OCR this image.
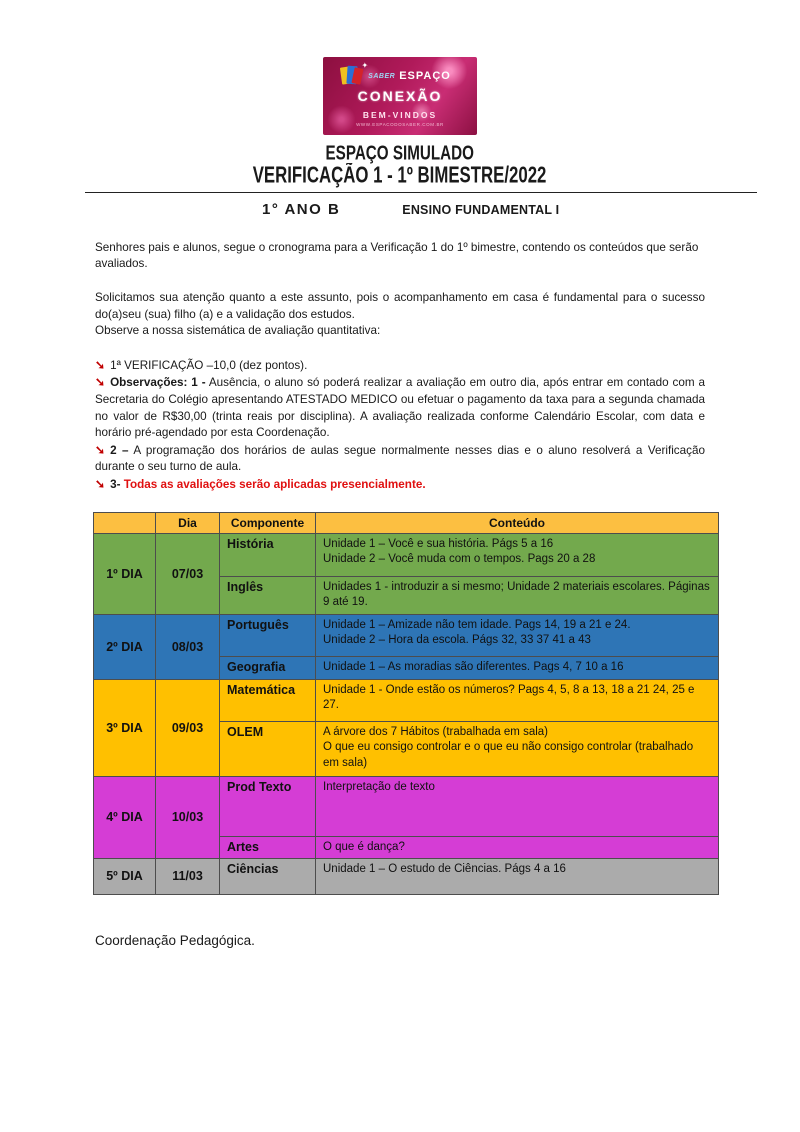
✦
SABER ESPAÇO
CONEXÃO
BEM-VINDOS
WWW.ESPACODOSABER.COM.BR
ESPAÇO SIMULADO
VERIFICAÇÃO 1 - 1º BIMESTRE/2022
1° ANO B	ENSINO FUNDAMENTAL I

Senhores pais e alunos, segue o cronograma para a Verificação 1 do 1º bimestre, contendo os conteúdos que serão avaliados.

Solicitamos sua atenção quanto a este assunto, pois o acompanhamento em casa é fundamental para o sucesso do(a)seu (sua) filho (a) e a validação dos estudos.

Observe a nossa sistemática de avaliação quantitativa:

➘ 1ª VERIFICAÇÃO –10,0 (dez pontos).

➘ Observações: 1 - Ausência, o aluno só poderá realizar a avaliação em outro dia, após entrar em contado com a Secretaria do Colégio apresentando ATESTADO MEDICO ou efetuar o pagamento da taxa para a segunda chamada no valor de R$30,00 (trinta reais por disciplina). A avaliação realizada conforme Calendário Escolar, com data e horário pré-agendado por esta Coordenação.

➘ 2 – A programação dos horários de aulas segue normalmente nesses dias e o aluno resolverá a Verificação durante o seu turno de aula.

➘ 3- Todas as avaliações serão aplicadas presencialmente.

	Dia	Componente	Conteúdo
1º DIA	07/03	História	Unidade 1 – Você e sua história. Págs 5 a 16
Unidade 2 – Você muda com o tempos. Pags 20 a 28

		Inglês	Unidades 1 - introduzir a si mesmo; Unidade 2 materiais escolares. Páginas 9 até 19.

2º DIA	08/03	Português	Unidade 1 – Amizade não tem idade. Pags 14, 19 a 21 e 24.
Unidade 2 – Hora da escola. Págs 32, 33 37 41 a 43

		Geografia	Unidade 1 – As moradias são diferentes. Pags 4, 7 10 a 16

3º DIA	09/03	Matemática	Unidade 1 - Onde estão os números? Pags 4, 5, 8 a 13, 18 a 21 24, 25 e 27.

		OLEM	A árvore dos 7 Hábitos (trabalhada em sala)
O que eu consigo controlar e o que eu não consigo controlar (trabalhado em sala)

4º DIA	10/03	Prod Texto	Interpretação de texto

		Artes	O que é dança?

5º DIA	11/03	Ciências	Unidade 1 – O estudo de Ciências. Págs 4 a 16
Coordenação Pedagógica.
